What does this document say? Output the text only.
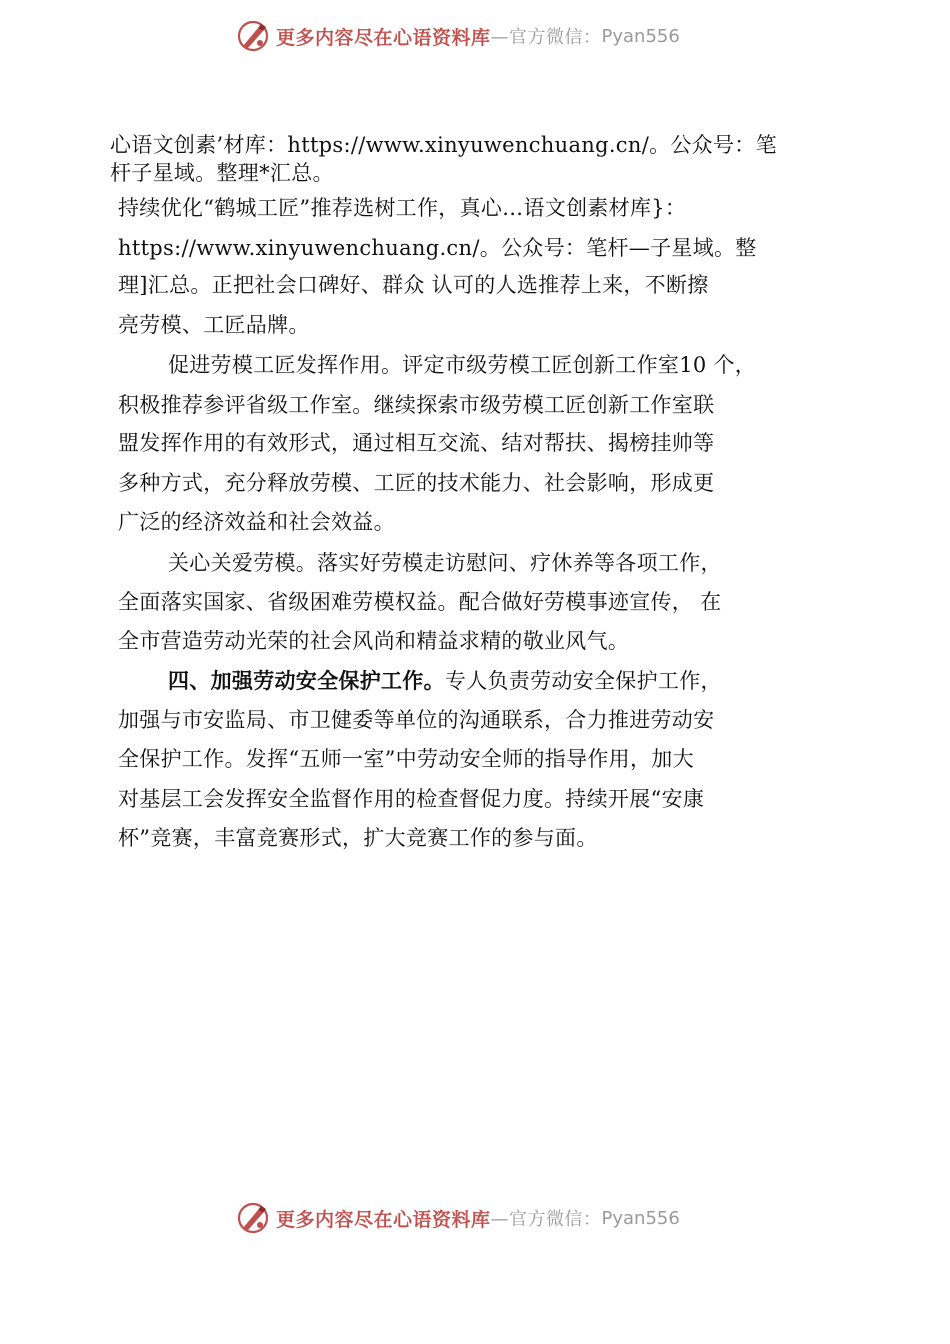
更多内容尽在心语资料库 —官方微信： Pyan556
心语文创素’材库：https://www.xinyuwenchuang.cn/。公众号：笔
杆子星域。整理*汇总。
持续优化“鹤城工匠”推荐选树工作，真心…语文创素材库}：
https://www.xinyuwenchuang.cn/。公众号：笔杆—子星域。整
理]汇总。正把社会口碑好、群众 认可的人选推荐上来，不断擦
亮劳模、工匠品牌。
促进劳模工匠发挥作用。评定市级劳模工匠创新工作室10 个，
积极推荐参评省级工作室。继续探索市级劳模工匠创新工作室联
盟发挥作用的有效形式，通过相互交流、结对帮扶、揭榜挂帅等
多种方式，充分释放劳模、工匠的技术能力、社会影响，形成更
广泛的经济效益和社会效益。
关心关爱劳模。落实好劳模走访慰问、疗休养等各项工作，
全面落实国家、省级困难劳模权益。配合做好劳模事迹宣传， 在
全市营造劳动光荣的社会风尚和精益求精的敬业风气。
四、加强劳动安全保护工作。专人负责劳动安全保护工作，
加强与市安监局、市卫健委等单位的沟通联系，合力推进劳动安
全保护工作。发挥“五师一室”中劳动安全师的指导作用，加大
对基层工会发挥安全监督作用的检查督促力度。持续开展“安康
杯”竞赛，丰富竞赛形式，扩大竞赛工作的参与面。
更多内容尽在心语资料库 —官方微信： Pyan556
